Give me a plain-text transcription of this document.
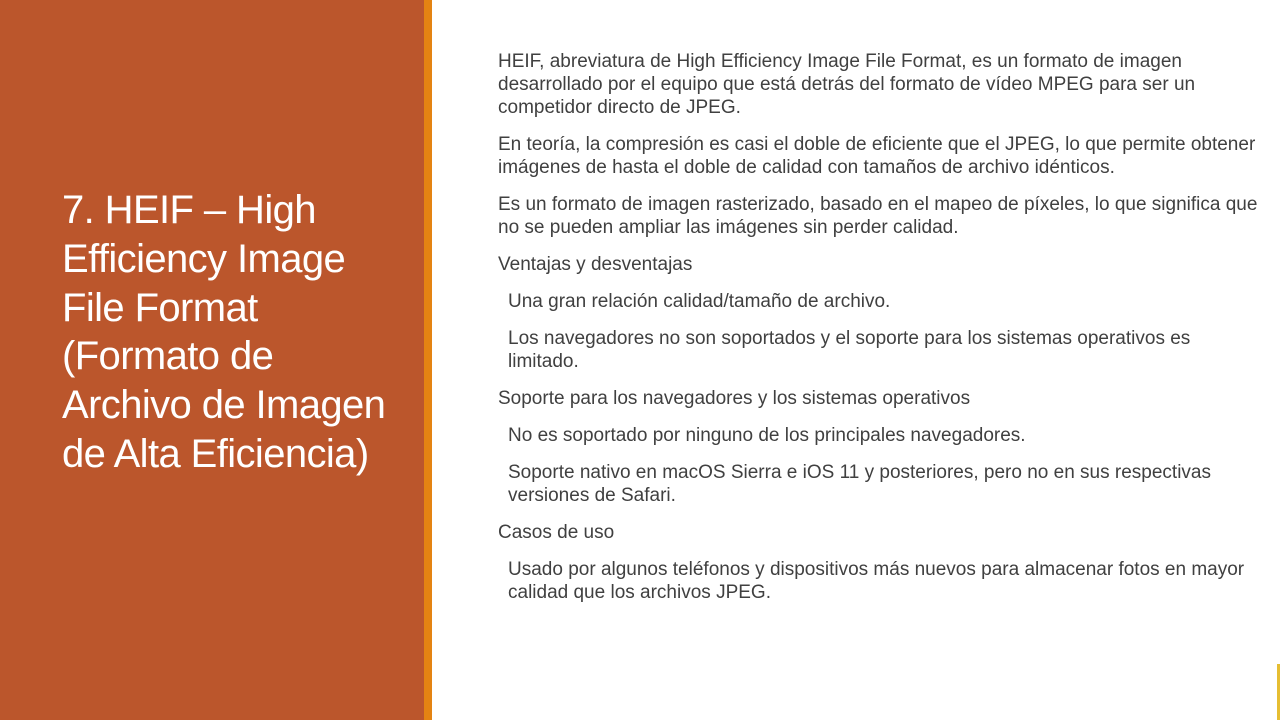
7. HEIF – High Efficiency Image File Format (Formato de Archivo de Imagen de Alta Eficiencia)

HEIF, abreviatura de High Efficiency Image File Format, es un formato de imagen desarrollado por el equipo que está detrás del formato de vídeo MPEG para ser un competidor directo de JPEG.

En teoría, la compresión es casi el doble de eficiente que el JPEG, lo que permite obtener imágenes de hasta el doble de calidad con tamaños de archivo idénticos.

Es un formato de imagen rasterizado, basado en el mapeo de píxeles, lo que significa que no se pueden ampliar las imágenes sin perder calidad.

Ventajas y desventajas

Una gran relación calidad/tamaño de archivo.

Los navegadores no son soportados y el soporte para los sistemas operativos es limitado.

Soporte para los navegadores y los sistemas operativos

No es soportado por ninguno de los principales navegadores.

Soporte nativo en macOS Sierra e iOS 11 y posteriores, pero no en sus respectivas versiones de Safari.

Casos de uso

Usado por algunos teléfonos y dispositivos más nuevos para almacenar fotos en mayor calidad que los archivos JPEG.
